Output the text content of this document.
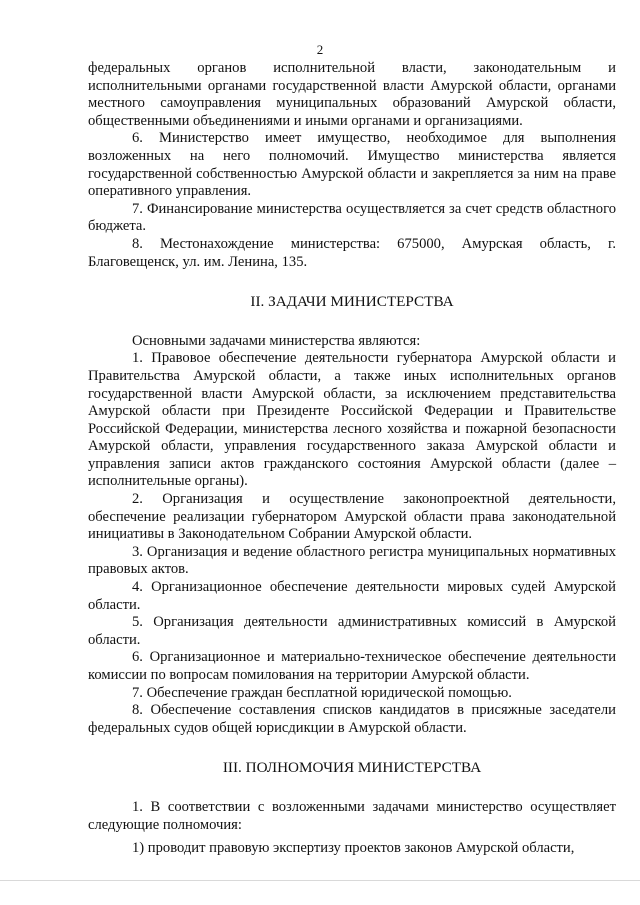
2

федеральных органов исполнительной власти, законодательным и исполнительными органами государственной власти Амурской области, органами местного самоуправления муниципальных образований Амурской области, общественными объединениями и иными органами и организациями.

6. Министерство имеет имущество, необходимое для выполнения возложенных на него полномочий. Имущество министерства является государственной собственностью Амурской области и закрепляется за ним на праве оперативного управления.

7. Финансирование министерства осуществляется за счет средств областного бюджета.

8. Местонахождение министерства: 675000, Амурская область, г. Благовещенск, ул. им. Ленина, 135.

II. ЗАДАЧИ МИНИСТЕРСТВА

Основными задачами министерства являются:

1. Правовое обеспечение деятельности губернатора Амурской области и Правительства Амурской области, а также иных исполнительных органов государственной власти Амурской области, за исключением представительства Амурской области при Президенте Российской Федерации и Правительстве Российской Федерации, министерства лесного хозяйства и пожарной безопасности Амурской области, управления государственного заказа Амурской области и управления записи актов гражданского состояния Амурской области (далее – исполнительные органы).

2. Организация и осуществление законопроектной деятельности, обеспечение реализации губернатором Амурской области права законодательной инициативы в Законодательном Собрании Амурской области.

3. Организация и ведение областного регистра муниципальных нормативных правовых актов.

4. Организационное обеспечение деятельности мировых судей Амурской области.

5. Организация деятельности административных комиссий в Амурской области.

6. Организационное и материально-техническое обеспечение деятельности комиссии по вопросам помилования на территории Амурской области.

7. Обеспечение граждан бесплатной юридической помощью.

8. Обеспечение составления списков кандидатов в присяжные заседатели федеральных судов общей юрисдикции в Амурской области.

III. ПОЛНОМОЧИЯ МИНИСТЕРСТВА

1. В соответствии с возложенными задачами министерство осуществляет следующие полномочия:

1) проводит правовую экспертизу проектов законов Амурской области,
